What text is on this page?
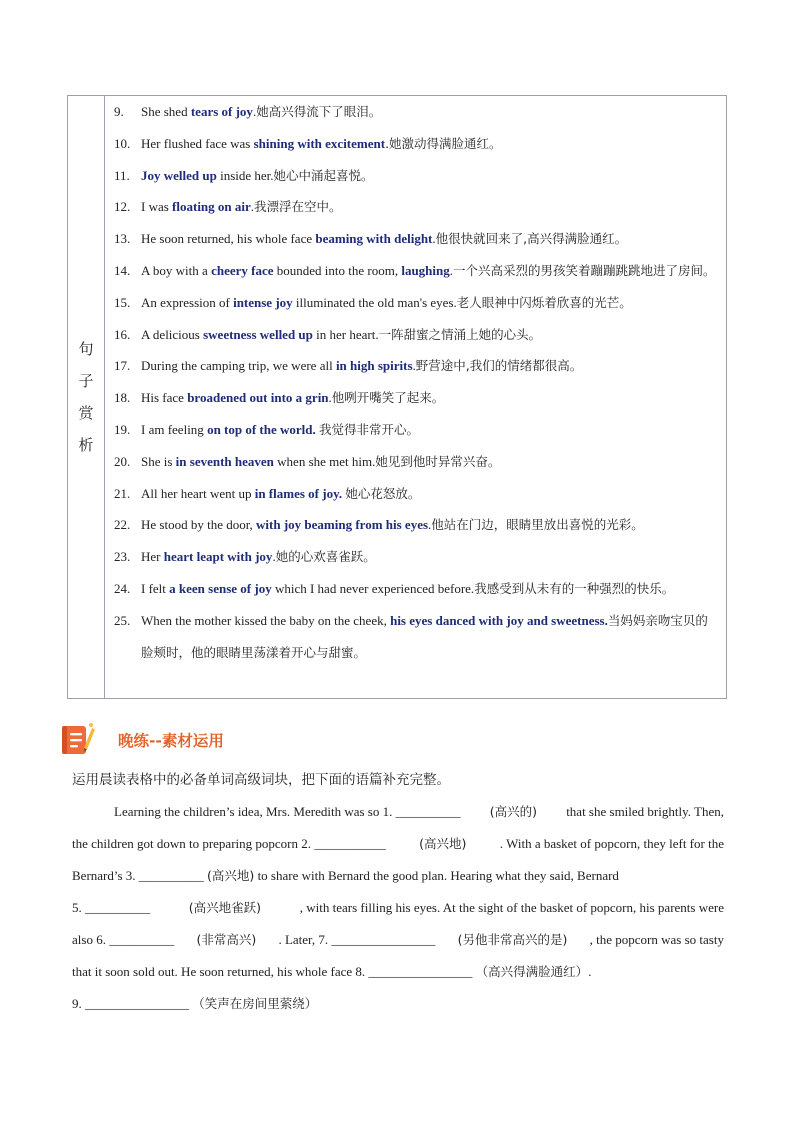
句
子
赏
析
9.	She shed tears of joy.她高兴得流下了眼泪。
10. Her flushed face was shining with excitement.她激动得满脸通红。
11. Joy welled up inside her.她心中涌起喜悦。
12. I was floating on air.我漂浮在空中。
13. He soon returned, his whole face beaming with delight.他很快就回来了,高兴得满脸通红。
14. A boy with a cheery face bounded into the room, laughing.一个兴高采烈的男孩笑着蹦蹦跳跳地进了房间。
15. An expression of intense joy illuminated the old man's eyes.老人眼神中闪烁着欣喜的光芒。
16. A delicious sweetness welled up in her heart.一阵甜蜜之情涌上她的心头。
17. During the camping trip, we were all in high spirits.野营途中,我们的情绪都很高。
18. His face broadened out into a grin.他咧开嘴笑了起来。
19. I am feeling on top of the world. 我觉得非常开心。
20. She is in seventh heaven when she met him.她见到他时异常兴奋。
21. All her heart went up in flames of joy. 她心花怒放。
22. He stood by the door, with joy beaming from his eyes.他站在门边，眼睛里放出喜悦的光彩。
23. Her heart leapt with joy.她的心欢喜雀跃。
24. I felt a keen sense of joy which I had never experienced before.我感受到从未有的一种强烈的快乐。
25. When the mother kissed the baby on the cheek, his eyes danced with joy and sweetness.当妈妈亲吻宝贝的脸颊时，他的眼睛里荡漾着开心与甜蜜。
晚练--素材运用
运用晨读表格中的必备单词高级词块，把下面的语篇补充完整。
Learning the children’s idea, Mrs. Meredith was so 1. __________ (高兴的) that she smiled brightly. Then,
the children got down to preparing popcorn 2. ___________	(高兴地)	. With a basket of popcorn, they left for the
Bernard’s 3. __________ (高兴地) to share with Bernard the good plan. Hearing what they said, Bernard
5. __________	(高兴地雀跃)	, with tears filling his eyes. At the sight of the basket of popcorn, his parents were
also 6. __________ (非常高兴) . Later, 7. ________________ (另他非常高兴的是) , the popcorn was so tasty
that it soon sold out. He soon returned, his whole face 8. ________________ （高兴得满脸通红）.
9. ________________ （笑声在房间里萦绕）
